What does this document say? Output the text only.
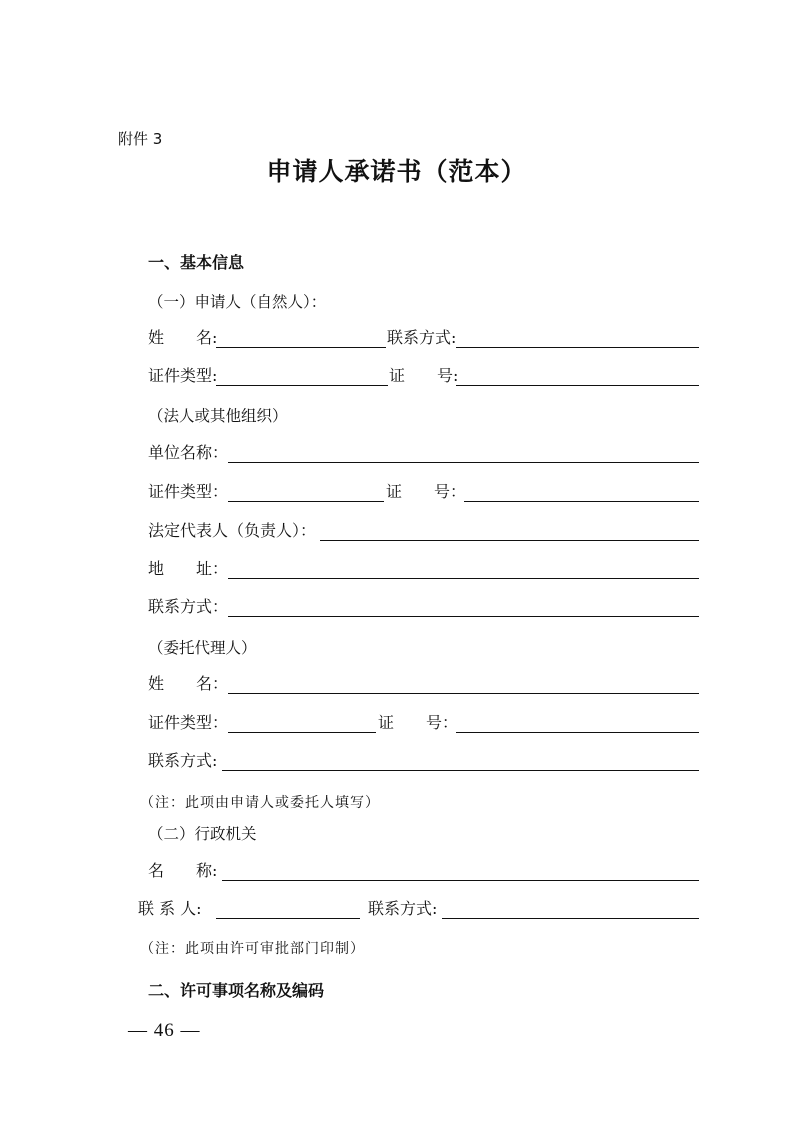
附件 3
申请人承诺书（范本）
一、基本信息
（一）申请人（自然人）：
姓　　名:	联系方式:
证件类型:	证　　号:
（法人或其他组织）
单位名称：
证件类型：	证　　号：
法定代表人（负责人）：
地　　址：
联系方式：
（委托代理人）
姓　　名：
证件类型：	证　　号：
联系方式:
（注：此项由申请人或委托人填写）
（二）行政机关
名　　称:
联 系 人:	联系方式:
（注：此项由许可审批部门印制）
二、许可事项名称及编码
— 46 —
